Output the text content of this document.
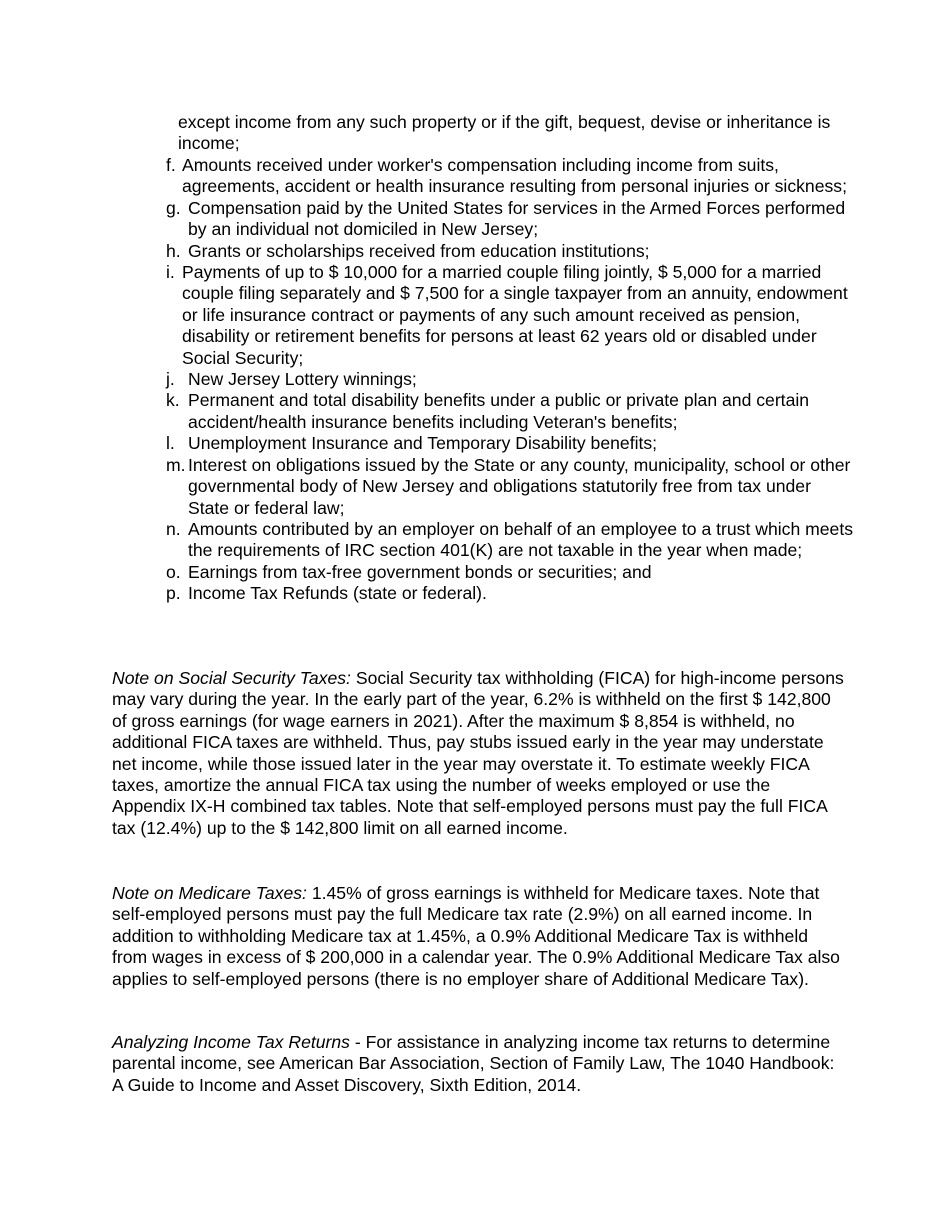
except income from any such property or if the gift, bequest, devise or inheritance is income;

f. Amounts received under worker's compensation including income from suits, agreements, accident or health insurance resulting from personal injuries or sickness;
g. Compensation paid by the United States for services in the Armed Forces performed by an individual not domiciled in New Jersey;
h. Grants or scholarships received from education institutions;
i. Payments of up to $ 10,000 for a married couple filing jointly, $ 5,000 for a married couple filing separately and $ 7,500 for a single taxpayer from an annuity, endowment or life insurance contract or payments of any such amount received as pension, disability or retirement benefits for persons at least 62 years old or disabled under Social Security;
j. New Jersey Lottery winnings;
k. Permanent and total disability benefits under a public or private plan and certain accident/health insurance benefits including Veteran's benefits;
l. Unemployment Insurance and Temporary Disability benefits;
m. Interest on obligations issued by the State or any county, municipality, school or other governmental body of New Jersey and obligations statutorily free from tax under State or federal law;
n. Amounts contributed by an employer on behalf of an employee to a trust which meets the requirements of IRC section 401(K) are not taxable in the year when made;
o. Earnings from tax-free government bonds or securities; and
p. Income Tax Refunds (state or federal).

Note on Social Security Taxes: Social Security tax withholding (FICA) for high-income persons may vary during the year. In the early part of the year, 6.2% is withheld on the first $ 142,800 of gross earnings (for wage earners in 2021). After the maximum $ 8,854 is withheld, no additional FICA taxes are withheld. Thus, pay stubs issued early in the year may understate net income, while those issued later in the year may overstate it. To estimate weekly FICA taxes, amortize the annual FICA tax using the number of weeks employed or use the Appendix IX-H combined tax tables. Note that self-employed persons must pay the full FICA tax (12.4%) up to the $ 142,800 limit on all earned income.

Note on Medicare Taxes: 1.45% of gross earnings is withheld for Medicare taxes. Note that self-employed persons must pay the full Medicare tax rate (2.9%) on all earned income. In addition to withholding Medicare tax at 1.45%, a 0.9% Additional Medicare Tax is withheld from wages in excess of $ 200,000 in a calendar year. The 0.9% Additional Medicare Tax also applies to self-employed persons (there is no employer share of Additional Medicare Tax).

Analyzing Income Tax Returns - For assistance in analyzing income tax returns to determine parental income, see American Bar Association, Section of Family Law, The 1040 Handbook: A Guide to Income and Asset Discovery, Sixth Edition, 2014.
